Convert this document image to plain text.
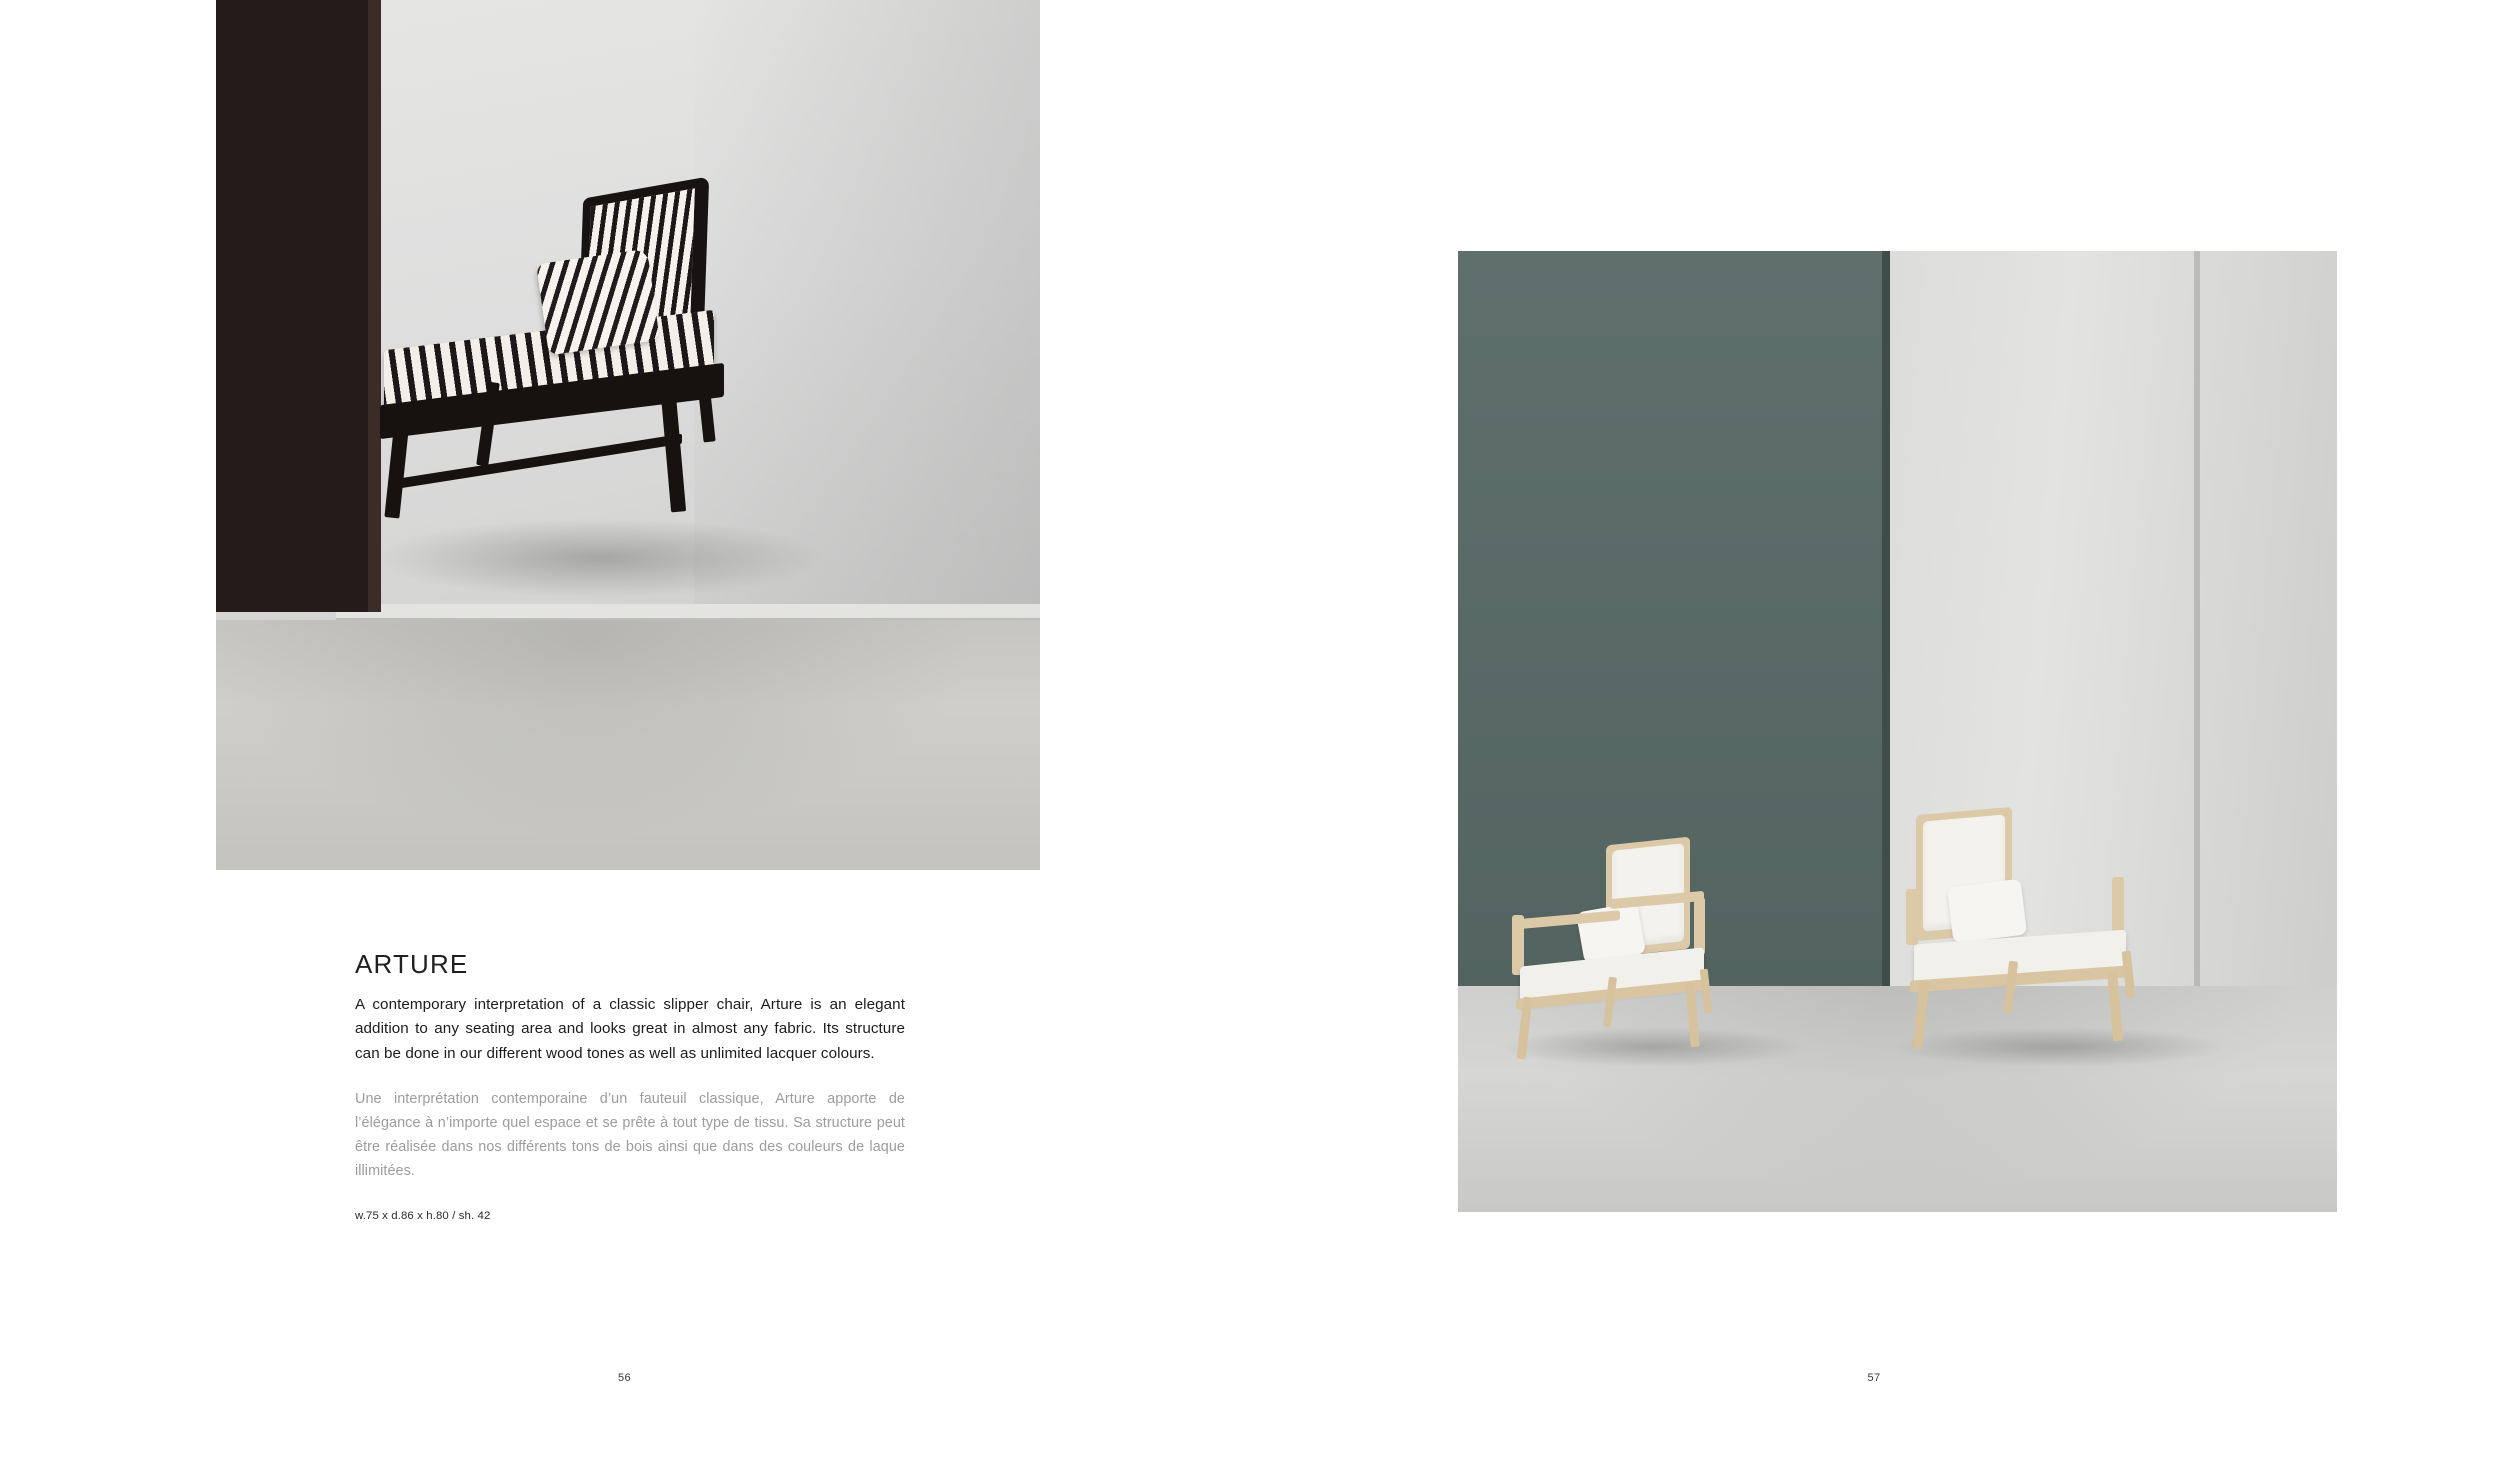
ARTURE

A contemporary interpretation of a classic slipper chair, Arture is an elegant addition to any seating area and looks great in almost any fabric. Its structure can be done in our different wood tones as well as unlimited lacquer colours.

Une interprétation contemporaine d’un fauteuil classique, Arture apporte de l’élégance à n’importe quel espace et se prête à tout type de tissu. Sa structure peut être réalisée dans nos différents tons de bois ainsi que dans des couleurs de laque illimitées.

w.75 x d.86 x h.80 / sh. 42

56	57
